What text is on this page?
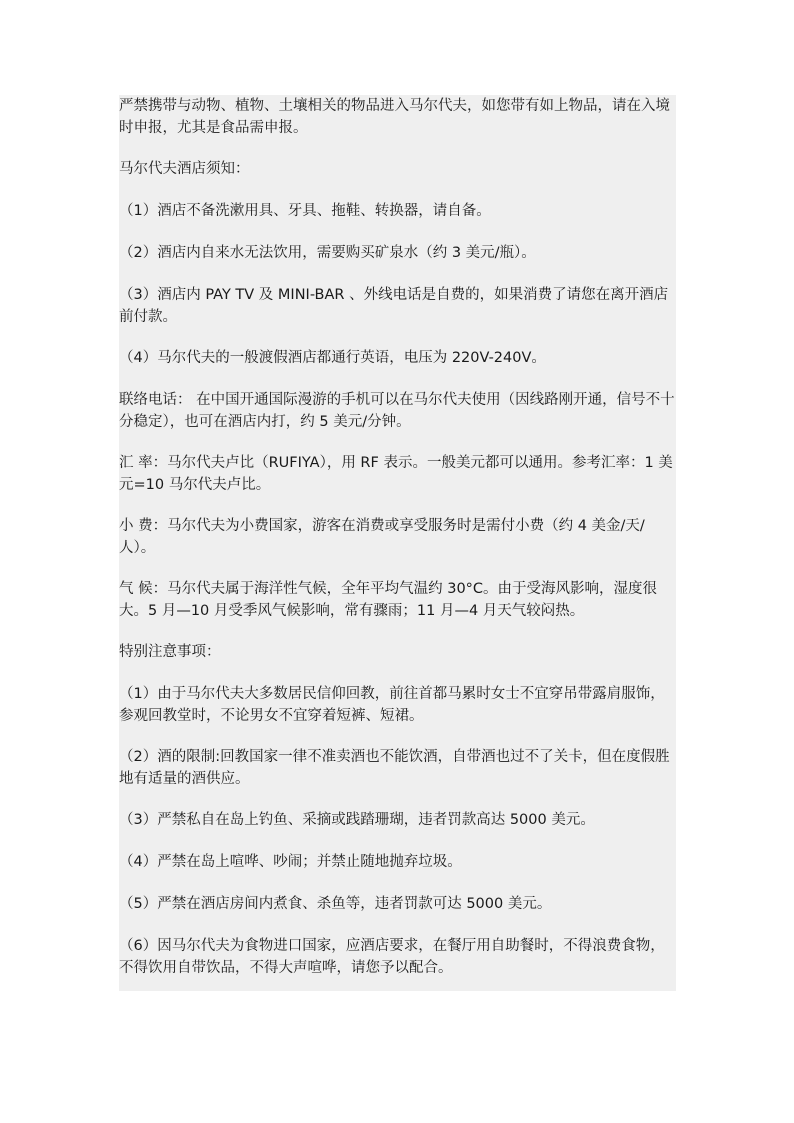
严禁携带与动物、植物、土壤相关的物品进入马尔代夫，如您带有如上物品，请在入境时申报，尤其是食品需申报。

马尔代夫酒店须知：

（1）酒店不备洗漱用具、牙具、拖鞋、转换器，请自备。

（2）酒店内自来水无法饮用，需要购买矿泉水（约 3 美元/瓶）。

（3）酒店内 PAY TV 及 MINI-BAR 、外线电话是自费的，如果消费了请您在离开酒店前付款。

（4）马尔代夫的一般渡假酒店都通行英语，电压为 220V-240V。

联络电话： 在中国开通国际漫游的手机可以在马尔代夫使用（因线路刚开通，信号不十分稳定），也可在酒店内打，约 5 美元/分钟。

汇 率：马尔代夫卢比（RUFIYA），用 RF 表示。一般美元都可以通用。参考汇率：1 美元=10 马尔代夫卢比。

小 费：马尔代夫为小费国家，游客在消费或享受服务时是需付小费（约 4 美金/天/人）。

气 候：马尔代夫属于海洋性气候，全年平均气温约 30°C。由于受海风影响，湿度很大。5 月—10 月受季风气候影响，常有骤雨；11 月—4 月天气较闷热。

特别注意事项：

（1）由于马尔代夫大多数居民信仰回教，前往首都马累时女士不宜穿吊带露肩服饰，参观回教堂时，不论男女不宜穿着短裤、短裙。

（2）酒的限制:回教国家一律不准卖酒也不能饮酒，自带酒也过不了关卡，但在度假胜地有适量的酒供应。

（3）严禁私自在岛上钓鱼、采摘或践踏珊瑚，违者罚款高达 5000 美元。

（4）严禁在岛上喧哗、吵闹；并禁止随地抛弃垃圾。

（5）严禁在酒店房间内煮食、杀鱼等，违者罚款可达 5000 美元。

（6）因马尔代夫为食物进口国家，应酒店要求，在餐厅用自助餐时，不得浪费食物，不得饮用自带饮品，不得大声喧哗，请您予以配合。
